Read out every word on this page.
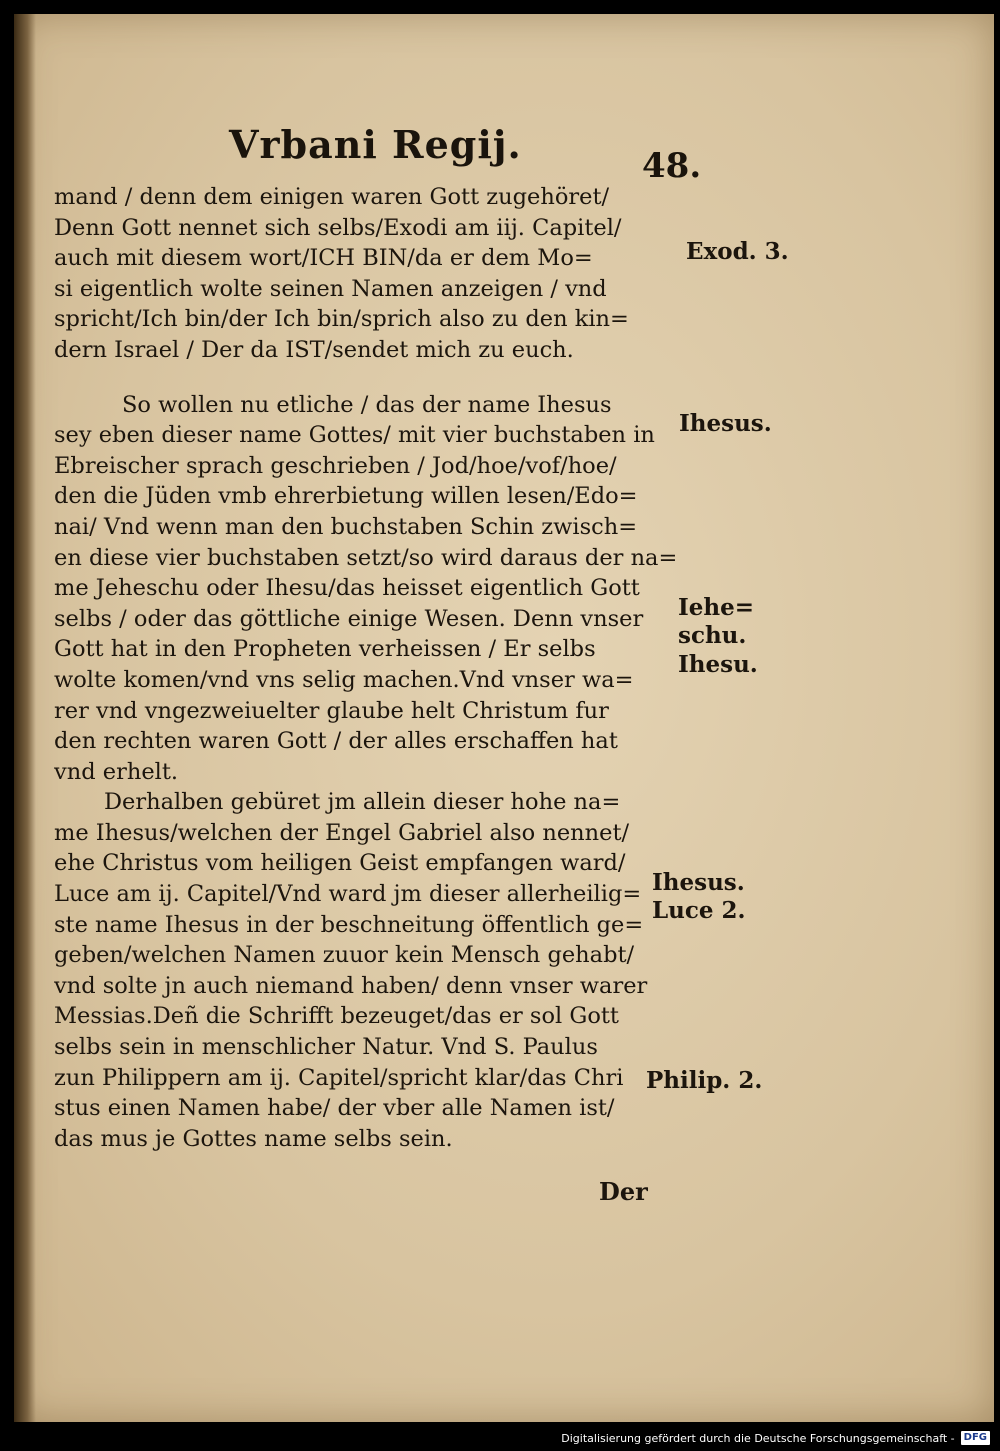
Vrbani Regij.	48.
mand / denn dem einigen waren Gott zugehöret/
Denn Gott nennet sich selbs/Exodi am iij. Capitel/
auch mit diesem wort/ICH BIN/da er dem Mo=
si eigentlich wolte seinen Namen anzeigen / vnd
spricht/Ich bin/der Ich bin/sprich also zu den kin=
dern Israel / Der da IST/sendet mich zu euch.
So wollen nu etliche / das der name Ihesus
sey eben dieser name Gottes/ mit vier buchstaben in
Ebreischer sprach geschrieben / Jod/hoe/vof/hoe/
den die Jüden vmb ehrerbietung willen lesen/Edo=
nai/ Vnd wenn man den buchstaben Schin zwisch=
en diese vier buchstaben setzt/so wird daraus der na=
me Jeheschu oder Ihesu/das heisset eigentlich Gott
selbs / oder das göttliche einige Wesen. Denn vnser
Gott hat in den Propheten verheissen / Er selbs
wolte komen/vnd vns selig machen.Vnd vnser wa=
rer vnd vngezweiuelter glaube helt Christum fur
den rechten waren Gott / der alles erschaffen hat
vnd erhelt.
Derhalben gebüret jm allein dieser hohe na=
me Ihesus/welchen der Engel Gabriel also nennet/
ehe Christus vom heiligen Geist empfangen ward/
Luce am ij. Capitel/Vnd ward jm dieser allerheilig=
ste name Ihesus in der beschneitung öffentlich ge=
geben/welchen Namen zuuor kein Mensch gehabt/
vnd solte jn auch niemand haben/ denn vnser warer
Messias.Deñ die Schrifft bezeuget/das er sol Gott
selbs sein in menschlicher Natur. Vnd S. Paulus
zun Philippern am ij. Capitel/spricht klar/das Chri
stus einen Namen habe/ der vber alle Namen ist/
das mus je Gottes name selbs sein.
Exod. 3.
Ihesus.
Iehe=
schu.
Ihesu.
Ihesus.
Luce 2.
Philip. 2.
Der
Digitalisierung gefördert durch die Deutsche Forschungsgemeinschaft - DFG
